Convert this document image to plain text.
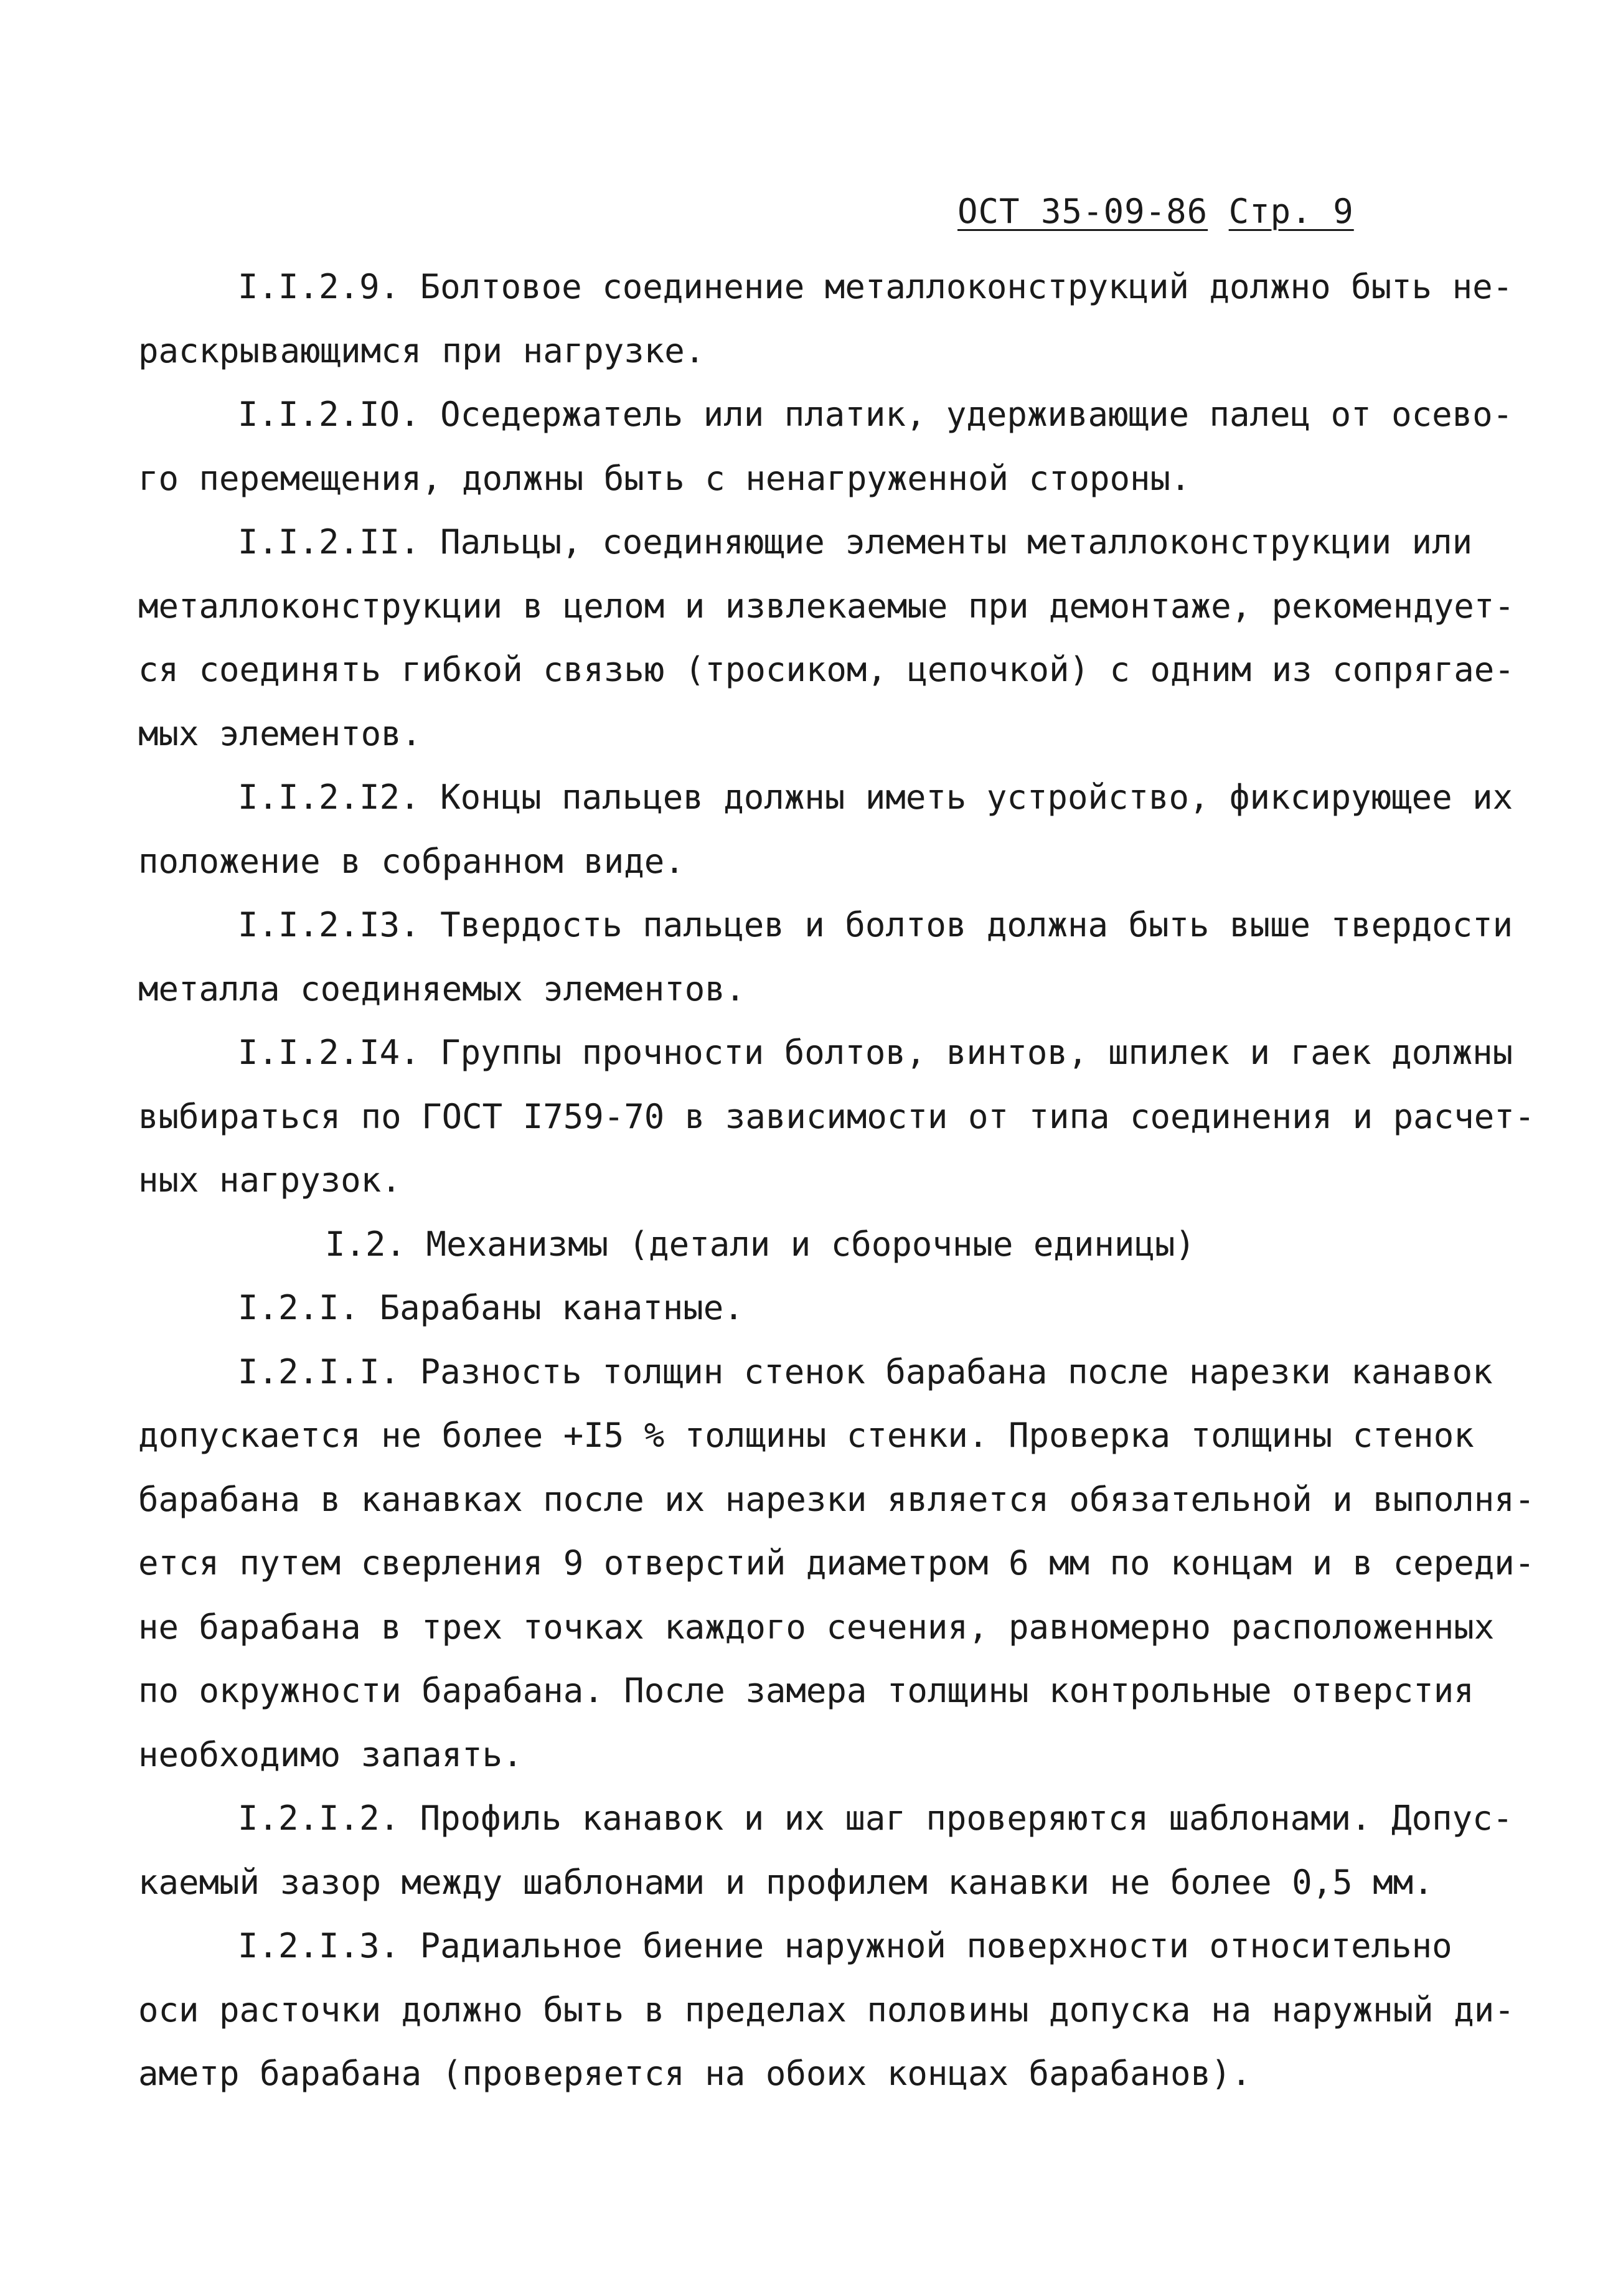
ОСТ 35-09-86 Стр. 9
I.I.2.9. Болтовое соединение металлоконструкций должно быть не-
раскрывающимся при нагрузке.
I.I.2.IO. Оседержатель или платик, удерживающие палец от осево-
го перемещения, должны быть с ненагруженной стороны.
I.I.2.II. Пальцы, соединяющие элементы металлоконструкции или
металлоконструкции в целом и извлекаемые при демонтаже, рекомендует-
ся соединять гибкой связью (тросиком, цепочкой) с одним из сопрягае-
мых элементов.
I.I.2.I2. Концы пальцев должны иметь устройство, фиксирующее их
положение в собранном виде.
I.I.2.I3. Твердость пальцев и болтов должна быть выше твердости
металла соединяемых элементов.
I.I.2.I4. Группы прочности болтов, винтов, шпилек и гаек должны
выбираться по ГОСТ I759-70 в зависимости от типа соединения и расчет-
ных нагрузок.
I.2. Механизмы (детали и сборочные единицы)
I.2.I. Барабаны канатные.
I.2.I.I. Разность толщин стенок барабана после нарезки канавок
допускается не более +I5 % толщины стенки. Проверка толщины стенок
барабана в канавках после их нарезки является обязательной и выполня-
ется путем сверления 9 отверстий диаметром 6 мм по концам и в середи-
не барабана в трех точках каждого сечения, равномерно расположенных
по окружности барабана. После замера толщины контрольные отверстия
необходимо запаять.
I.2.I.2. Профиль канавок и их шаг проверяются шаблонами. Допус-
каемый зазор между шаблонами и профилем канавки не более 0,5 мм.
I.2.I.3. Радиальное биение наружной поверхности относительно
оси расточки должно быть в пределах половины допуска на наружный ди-
аметр барабана (проверяется на обоих концах барабанов).
